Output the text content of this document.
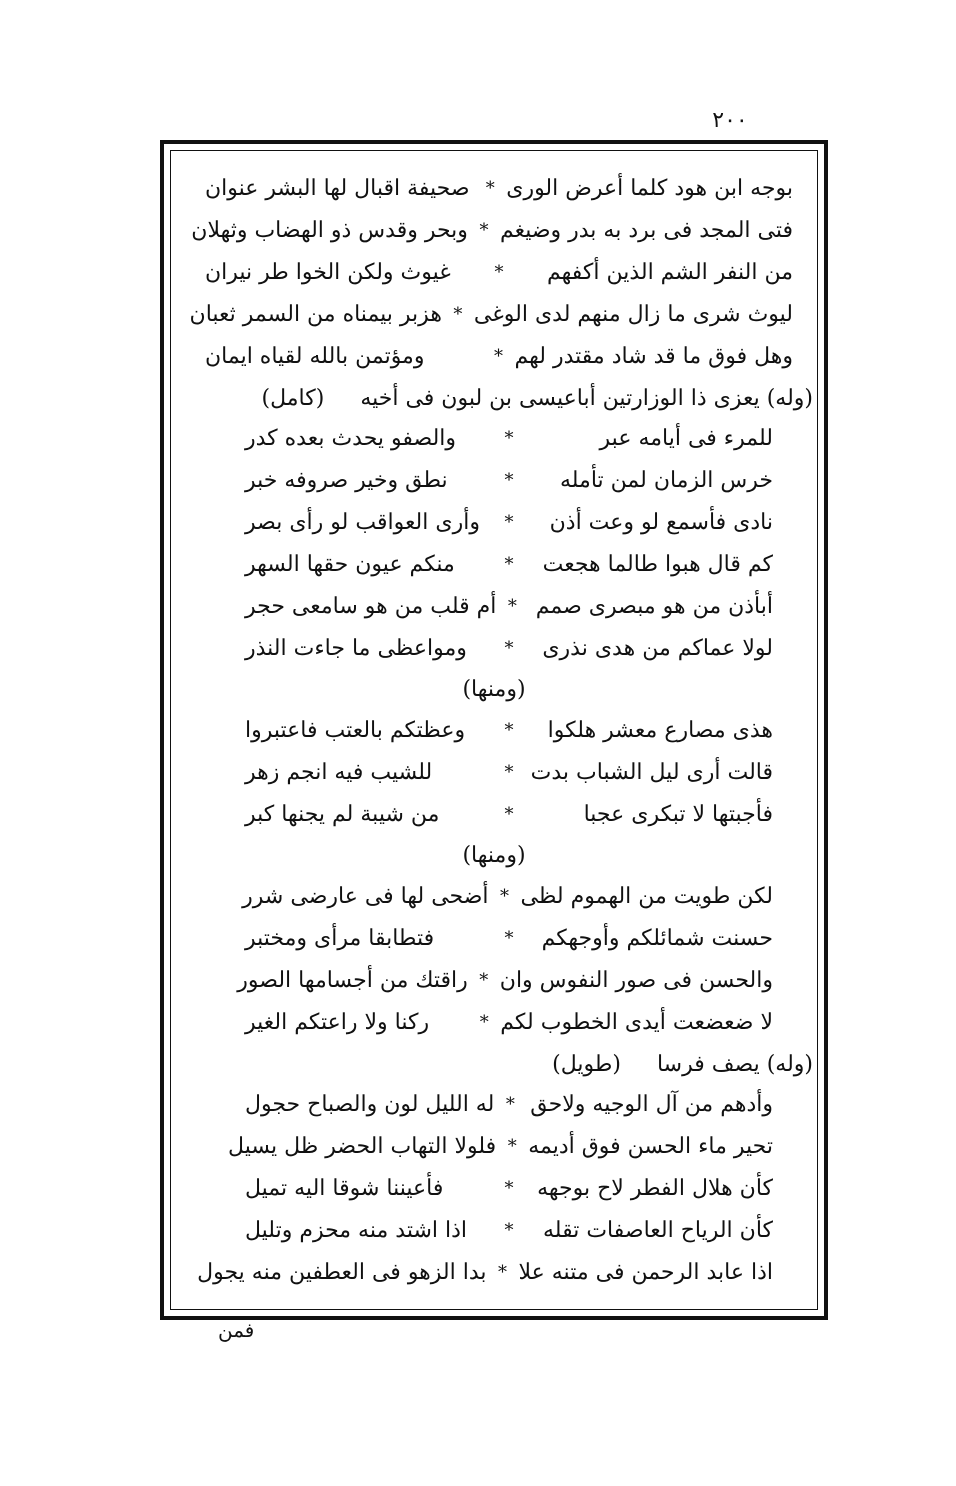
٢٠٠
بوجه ابن هود كلما أعرض الورى
*
صحيفة اقبال لها البشر عنوان
فتى المجد فى برد به بدر وضيغم
*
وبحر وقدس ذو الهضاب وثهلان
من النفر الشم الذين أكفهم
*
غيوث ولكن الخوا طر نيران
ليوث شرى ما زال منهم لدى الوغى
*
هزبر بيمناه من السمر ثعبان
وهل فوق ما قد شاد مقتدر لهم
*
ومؤتمن بالله لقياه ايمان
(وله) يعزى ذا الوزارتين أباعيسى بن لبون فى أخيه
(كامل)
للمرء فى أيامه عبر
*
والصفو يحدث بعده كدر
خرس الزمان لمن تأمله
*
نطق وخير صروفه خبر
نادى فأسمع لو وعت أذن
*
وأرى العواقب لو رأى بصر
كم قال هبوا طالما هجعت
*
منكم عيون حقها السهر
أبأذن من هو مبصرى صمم
*
أم قلب من هو سامعى حجر
لولا عماكم من هدى نذرى
*
ومواعظى ما جاءت النذر
(ومنها)
هذى مصارع معشر هلكوا
*
وعظتكم بالعتب فاعتبروا
قالت أرى ليل الشباب بدت
*
للشيب فيه انجم زهر
فأجبتها لا تبكرى عجبا
*
من شيبة لم يجنها كبر
(ومنها)
لكن طويت من الهموم لظى
*
أضحى لها فى عارضى شرر
حسنت شمائلكم وأوجهكم
*
فتطابقا مرأى ومختبر
والحسن فى صور النفوس وان
*
راقتك من أجسامها الصور
لا ضعضعت أيدى الخطوب لكم
*
ركنا ولا راعتكم الغير
(وله) يصف فرسا
(طويل)
وأدهم من آل الوجيه ولاحق
*
له الليل لون والصباح حجول
تحير ماء الحسن فوق أديمه
*
فلولا التهاب الحضر ظل يسيل
كأن هلال الفطر لاح بوجهه
*
فأعيننا شوقا اليه تميل
كأن الرياح العاصفات تقله
*
اذا اشتد منه محزم وتليل
اذا عابد الرحمن فى متنه علا
*
بدا الزهو فى العطفين منه يجول
فمن
